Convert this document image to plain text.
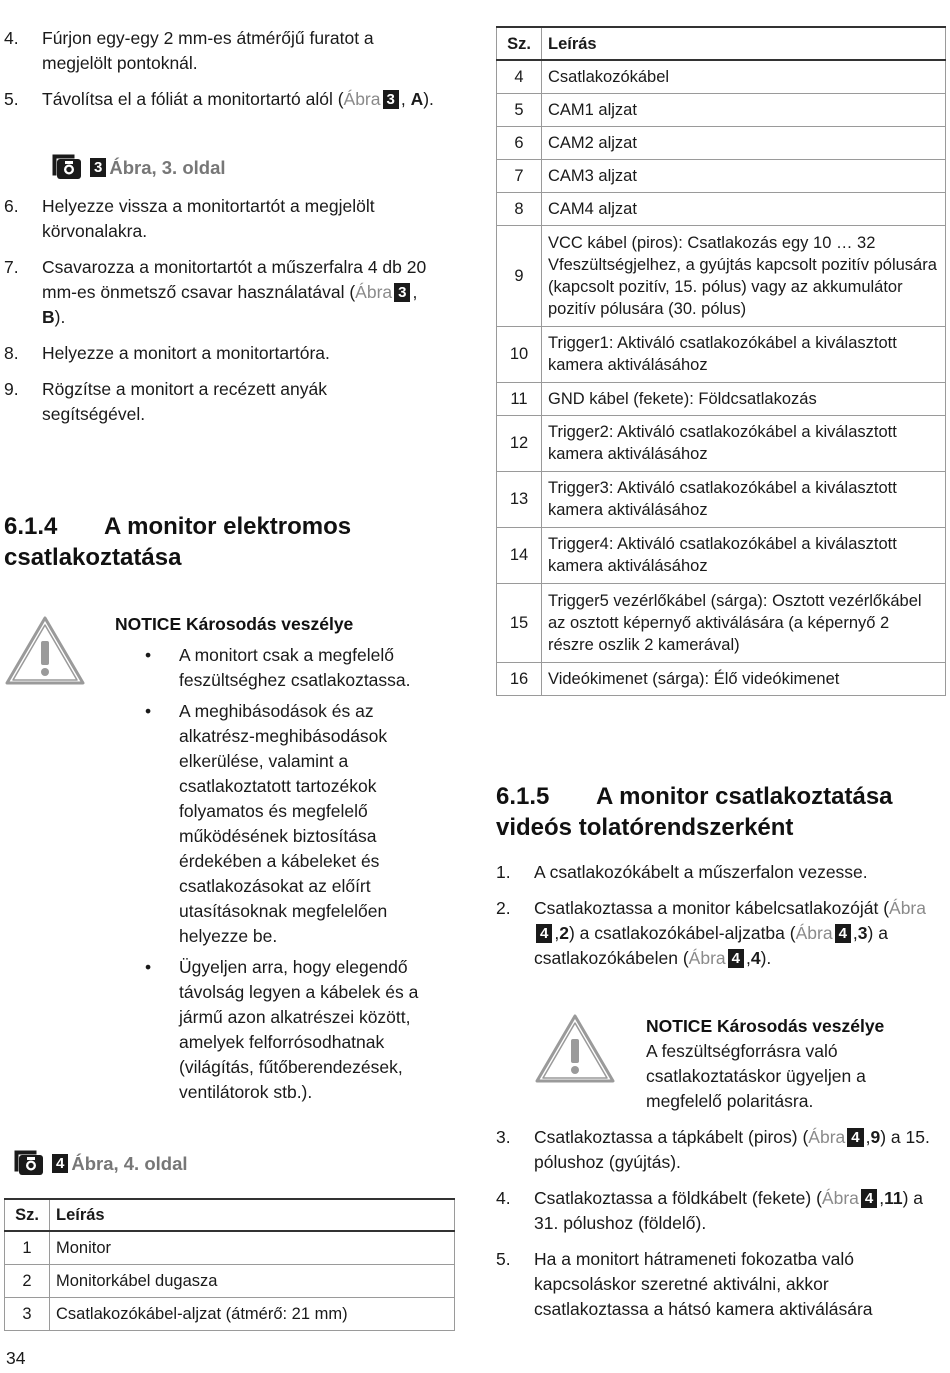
4. Fúrjon egy-egy 2 mm-es átmérőjű furatot a megjelölt pontoknál.
5. Távolítsa el a fóliát a monitortartó alól (Ábra 3 , A).
3 Ábra, 3. oldal
6. Helyezze vissza a monitortartót a megjelölt körvonalakra.
7. Csavarozza a monitortartót a műszerfalra 4 db 20 mm-es önmetsző csavar használatával (Ábra 3 , B).
8. Helyezze a monitort a monitortartóra.
9. Rögzítse a monitort a recézett anyák segítségével.
6.1.4 A monitor elektromos csatlakoztatása
NOTICE Károsodás veszélye
• A monitort csak a megfelelő feszültséghez csatlakoztassa.
• A meghibásodások és az alkatrész-meghibásodások elkerülése, valamint a csatlakoztatott tartozékok folyamatos és megfelelő működésének biztosítása érdekében a kábeleket és csatlakozásokat az előírt utasításoknak megfelelően helyezze be.
• Ügyeljen arra, hogy elegendő távolság legyen a kábelek és a jármű azon alkatrészei között, amelyek felforrósodhatnak (világítás, fűtőberendezések, ventilátorok stb.).
4 Ábra, 4. oldal
Sz.	Leírás
1	Monitor
2	Monitorkábel dugasza
3	Csatlakozókábel-aljzat (átmérő: 21 mm)
Sz.	Leírás
4	Csatlakozókábel
5	CAM1 aljzat
6	CAM2 aljzat
7	CAM3 aljzat
8	CAM4 aljzat
9	VCC kábel (piros): Csatlakozás egy 10 … 32 Vfeszültségjelhez, a gyújtás kapcsolt pozitív pólusára (kapcsolt pozitív, 15. pólus) vagy az akkumulátor pozitív pólusára (30. pólus)
10	Trigger1: Aktiváló csatlakozókábel a kiválasztott kamera aktiválásához
11	GND kábel (fekete): Földcsatlakozás
12	Trigger2: Aktiváló csatlakozókábel a kiválasztott kamera aktiválásához
13	Trigger3: Aktiváló csatlakozókábel a kiválasztott kamera aktiválásához
14	Trigger4: Aktiváló csatlakozókábel a kiválasztott kamera aktiválásához
15	Trigger5 vezérlőkábel (sárga): Osztott vezérlőkábel az osztott képernyő aktiválására (a képernyő 2 részre oszlik 2 kamerával)
16	Videókimenet (sárga): Élő videókimenet
6.1.5 A monitor csatlakoztatása videós tolatórendszerként
1. A csatlakozókábelt a műszerfalon vezesse.
2. Csatlakoztassa a monitor kábelcsatlakozóját (Ábra4 ,2) a csatlakozókábel-aljzatba (Ábra 4 ,3) a csatlakozókábelen (Ábra 4 ,4).
NOTICE Károsodás veszélye
A feszültségforrásra való csatlakoztatáskor ügyeljen a megfelelő polaritásra.
3. Csatlakoztassa a tápkábelt (piros) (Ábra 4 ,9) a 15. pólushoz (gyújtás).
4. Csatlakoztassa a földkábelt (fekete) (Ábra 4 ,11) a 31. pólushoz (földelő).
5. Ha a monitort hátrameneti fokozatba való kapcsoláskor szeretné aktiválni, akkor csatlakoztassa a hátsó kamera aktiválására
34
